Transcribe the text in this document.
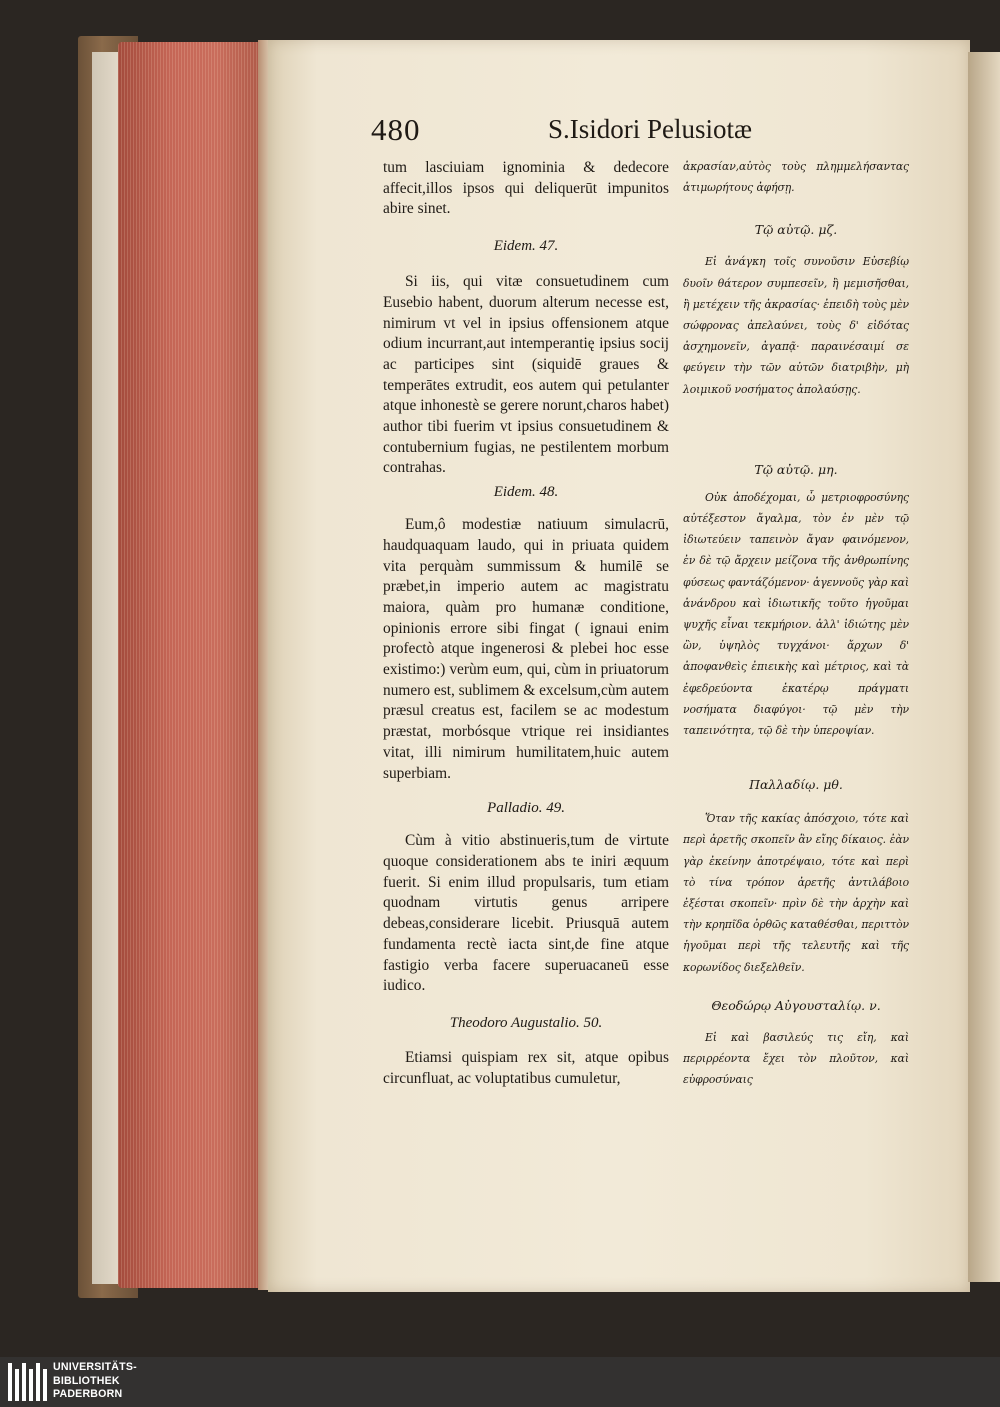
480	S.Isidori Pelusiotæ

tum lasciuiam ignominia & dedecore affecit,illos ipsos qui deliquerūt impunitos abire sinet.

Eidem. 47.

Si iis, qui vitæ consuetudinem cum Eusebio habent, duorum alterum necesse est, nimirum vt vel in ipsius offensionem atque odium incurrant,aut intemperantię ipsius socij ac participes sint (siquidē graues & temperātes extrudit, eos autem qui petulanter atque inhonestè se gerere norunt,charos habet) author tibi fuerim vt ipsius consuetudinem & contubernium fugias, ne pestilentem morbum contrahas.

Eidem. 48.

Eum,ô modestiæ natiuum simulacrū, haudquaquam laudo, qui in priuata quidem vita perquàm summissum & humilē se præbet,in imperio autem ac magistratu maiora, quàm pro humanæ conditione, opinionis errore sibi fingat ( ignaui enim profectò atque ingenerosi & plebei hoc esse existimo:) verùm eum, qui, cùm in priuatorum numero est, sublimem & excelsum,cùm autem præsul creatus est, facilem se ac modestum præstat, morbósque vtrique rei insidiantes vitat, illi nimirum humilitatem,huic autem superbiam.

Palladio. 49.

Cùm à vitio abstinueris,tum de virtute quoque considerationem abs te iniri æquum fuerit. Si enim illud propulsaris, tum etiam quodnam virtutis genus arripere debeas,considerare licebit. Priusquā autem fundamenta rectè iacta sint,de fine atque fastigio verba facere superuacaneū esse iudico.

Theodoro Augustalio. 50.

Etiamsi quispiam rex sit, atque opibus circunfluat, ac voluptatibus cumuletur,

ἀκρασίαν,αὐτὸς τοὺς πλημμελήσαντας ἀτιμωρήτους ἀφήσῃ.

Τῷ αὐτῷ. μζ.

Εἰ ἀνάγκη τοῖς συνοῦσιν Εὐσεβίῳ δυοῖν θάτερον συμπεσεῖν, ἢ μεμισῆσθαι, ἢ μετέχειν τῆς ἀκρασίας· ἐπειδὴ τοὺς μὲν σώφρονας ἀπελαύνει, τοὺς δ' εἰδότας ἀσχημονεῖν, ἀγαπᾷ· παραινέσαιμί σε φεύγειν τὴν τῶν αὐτῶν διατριβὴν, μὴ λοιμικοῦ νοσήματος ἀπολαύσῃς.

Τῷ αὐτῷ. μη.

Οὐκ ἀποδέχομαι, ὦ μετριοφροσύνης αὐτέξεστον ἄγαλμα, τὸν ἐν μὲν τῷ ἰδιωτεύειν ταπεινὸν ἄγαν φαινόμενον, ἐν δὲ τῷ ἄρχειν μείζονα τῆς ἀνθρωπίνης φύσεως φαντάζόμενον· ἀγεννοῦς γὰρ καὶ ἀνάνδρου καὶ ἰδιωτικῆς τοῦτο ἡγοῦμαι ψυχῆς εἶναι τεκμήριον. ἀλλ' ἰδιώτης μὲν ὢν, ὑψηλὸς τυγχάνοι· ἄρχων δ' ἀποφανθεὶς ἐπιεικὴς καὶ μέτριος, καὶ τὰ ἐφεδρεύοντα ἑκατέρῳ πράγματι νοσήματα διαφύγοι· τῷ μὲν τὴν ταπεινότητα, τῷ δὲ τὴν ὑπεροψίαν.

Παλλαδίῳ. μθ.

Ὅταν τῆς κακίας ἀπόσχοιο, τότε καὶ περὶ ἀρετῆς σκοπεῖν ἂν εἴης δίκαιος. ἐὰν γὰρ ἐκείνην ἀποτρέψαιο, τότε καὶ περὶ τὸ τίνα τρόπον ἀρετῆς ἀντιλάβοιο ἐξέσται σκοπεῖν· πρὶν δὲ τὴν ἀρχὴν καὶ τὴν κρηπῖδα ὀρθῶς καταθέσθαι, περιττὸν ἡγοῦμαι περὶ τῆς τελευτῆς καὶ τῆς κορωνίδος διεξελθεῖν.

Θεοδώρῳ Αὐγουσταλίῳ. ν.

Εἰ καὶ βασιλεύς τις εἴη, καὶ περιρρέοντα ἔχει τὸν πλοῦτον, καὶ εὐφροσύναις

UNIVERSITÄTS-
BIBLIOTHEK
PADERBORN
